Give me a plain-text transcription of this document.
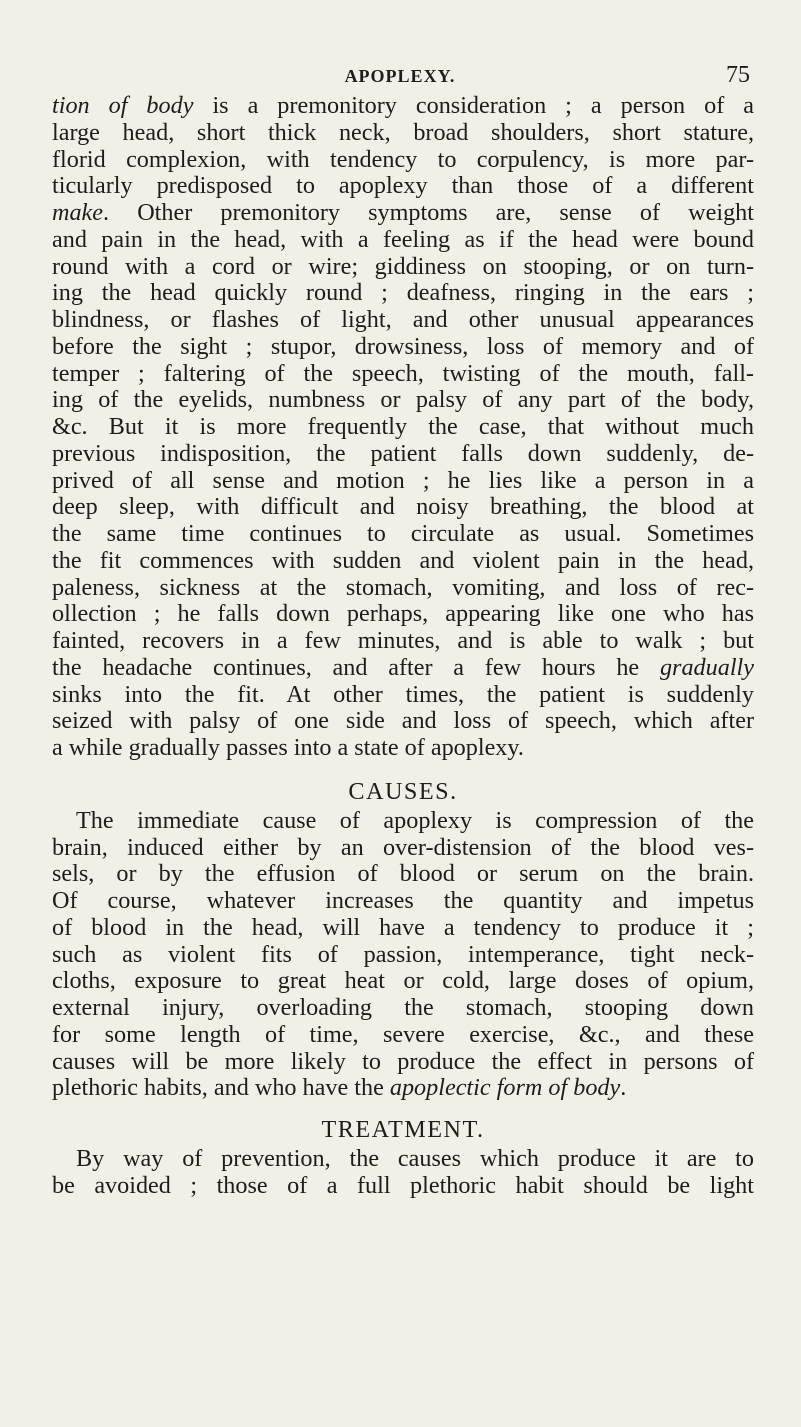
APOPLEXY.	75
tion of body is a premonitory consideration ; a person of a
large head, short thick neck, broad shoulders, short stature,
florid complexion, with tendency to corpulency, is more par-
ticularly predisposed to apoplexy than those of a different
make. Other premonitory symptoms are, sense of weight
and pain in the head, with a feeling as if the head were bound
round with a cord or wire; giddiness on stooping, or on turn-
ing the head quickly round ; deafness, ringing in the ears ;
blindness, or flashes of light, and other unusual appearances
before the sight ; stupor, drowsiness, loss of memory and of
temper ; faltering of the speech, twisting of the mouth, fall-
ing of the eyelids, numbness or palsy of any part of the body,
&c. But it is more frequently the case, that without much
previous indisposition, the patient falls down suddenly, de-
prived of all sense and motion ; he lies like a person in a
deep sleep, with difficult and noisy breathing, the blood at
the same time continues to circulate as usual. Sometimes
the fit commences with sudden and violent pain in the head,
paleness, sickness at the stomach, vomiting, and loss of rec-
ollection ; he falls down perhaps, appearing like one who has
fainted, recovers in a few minutes, and is able to walk ; but
the headache continues, and after a few hours he gradually
sinks into the fit. At other times, the patient is suddenly
seized with palsy of one side and loss of speech, which after
a while gradually passes into a state of apoplexy.
CAUSES.
The immediate cause of apoplexy is compression of the
brain, induced either by an over-distension of the blood ves-
sels, or by the effusion of blood or serum on the brain.
Of course, whatever increases the quantity and impetus
of blood in the head, will have a tendency to produce it ;
such as violent fits of passion, intemperance, tight neck-
cloths, exposure to great heat or cold, large doses of opium,
external injury, overloading the stomach, stooping down
for some length of time, severe exercise, &c., and these
causes will be more likely to produce the effect in persons of
plethoric habits, and who have the apoplectic form of body.
TREATMENT.
By way of prevention, the causes which produce it are to
be avoided ; those of a full plethoric habit should be light
